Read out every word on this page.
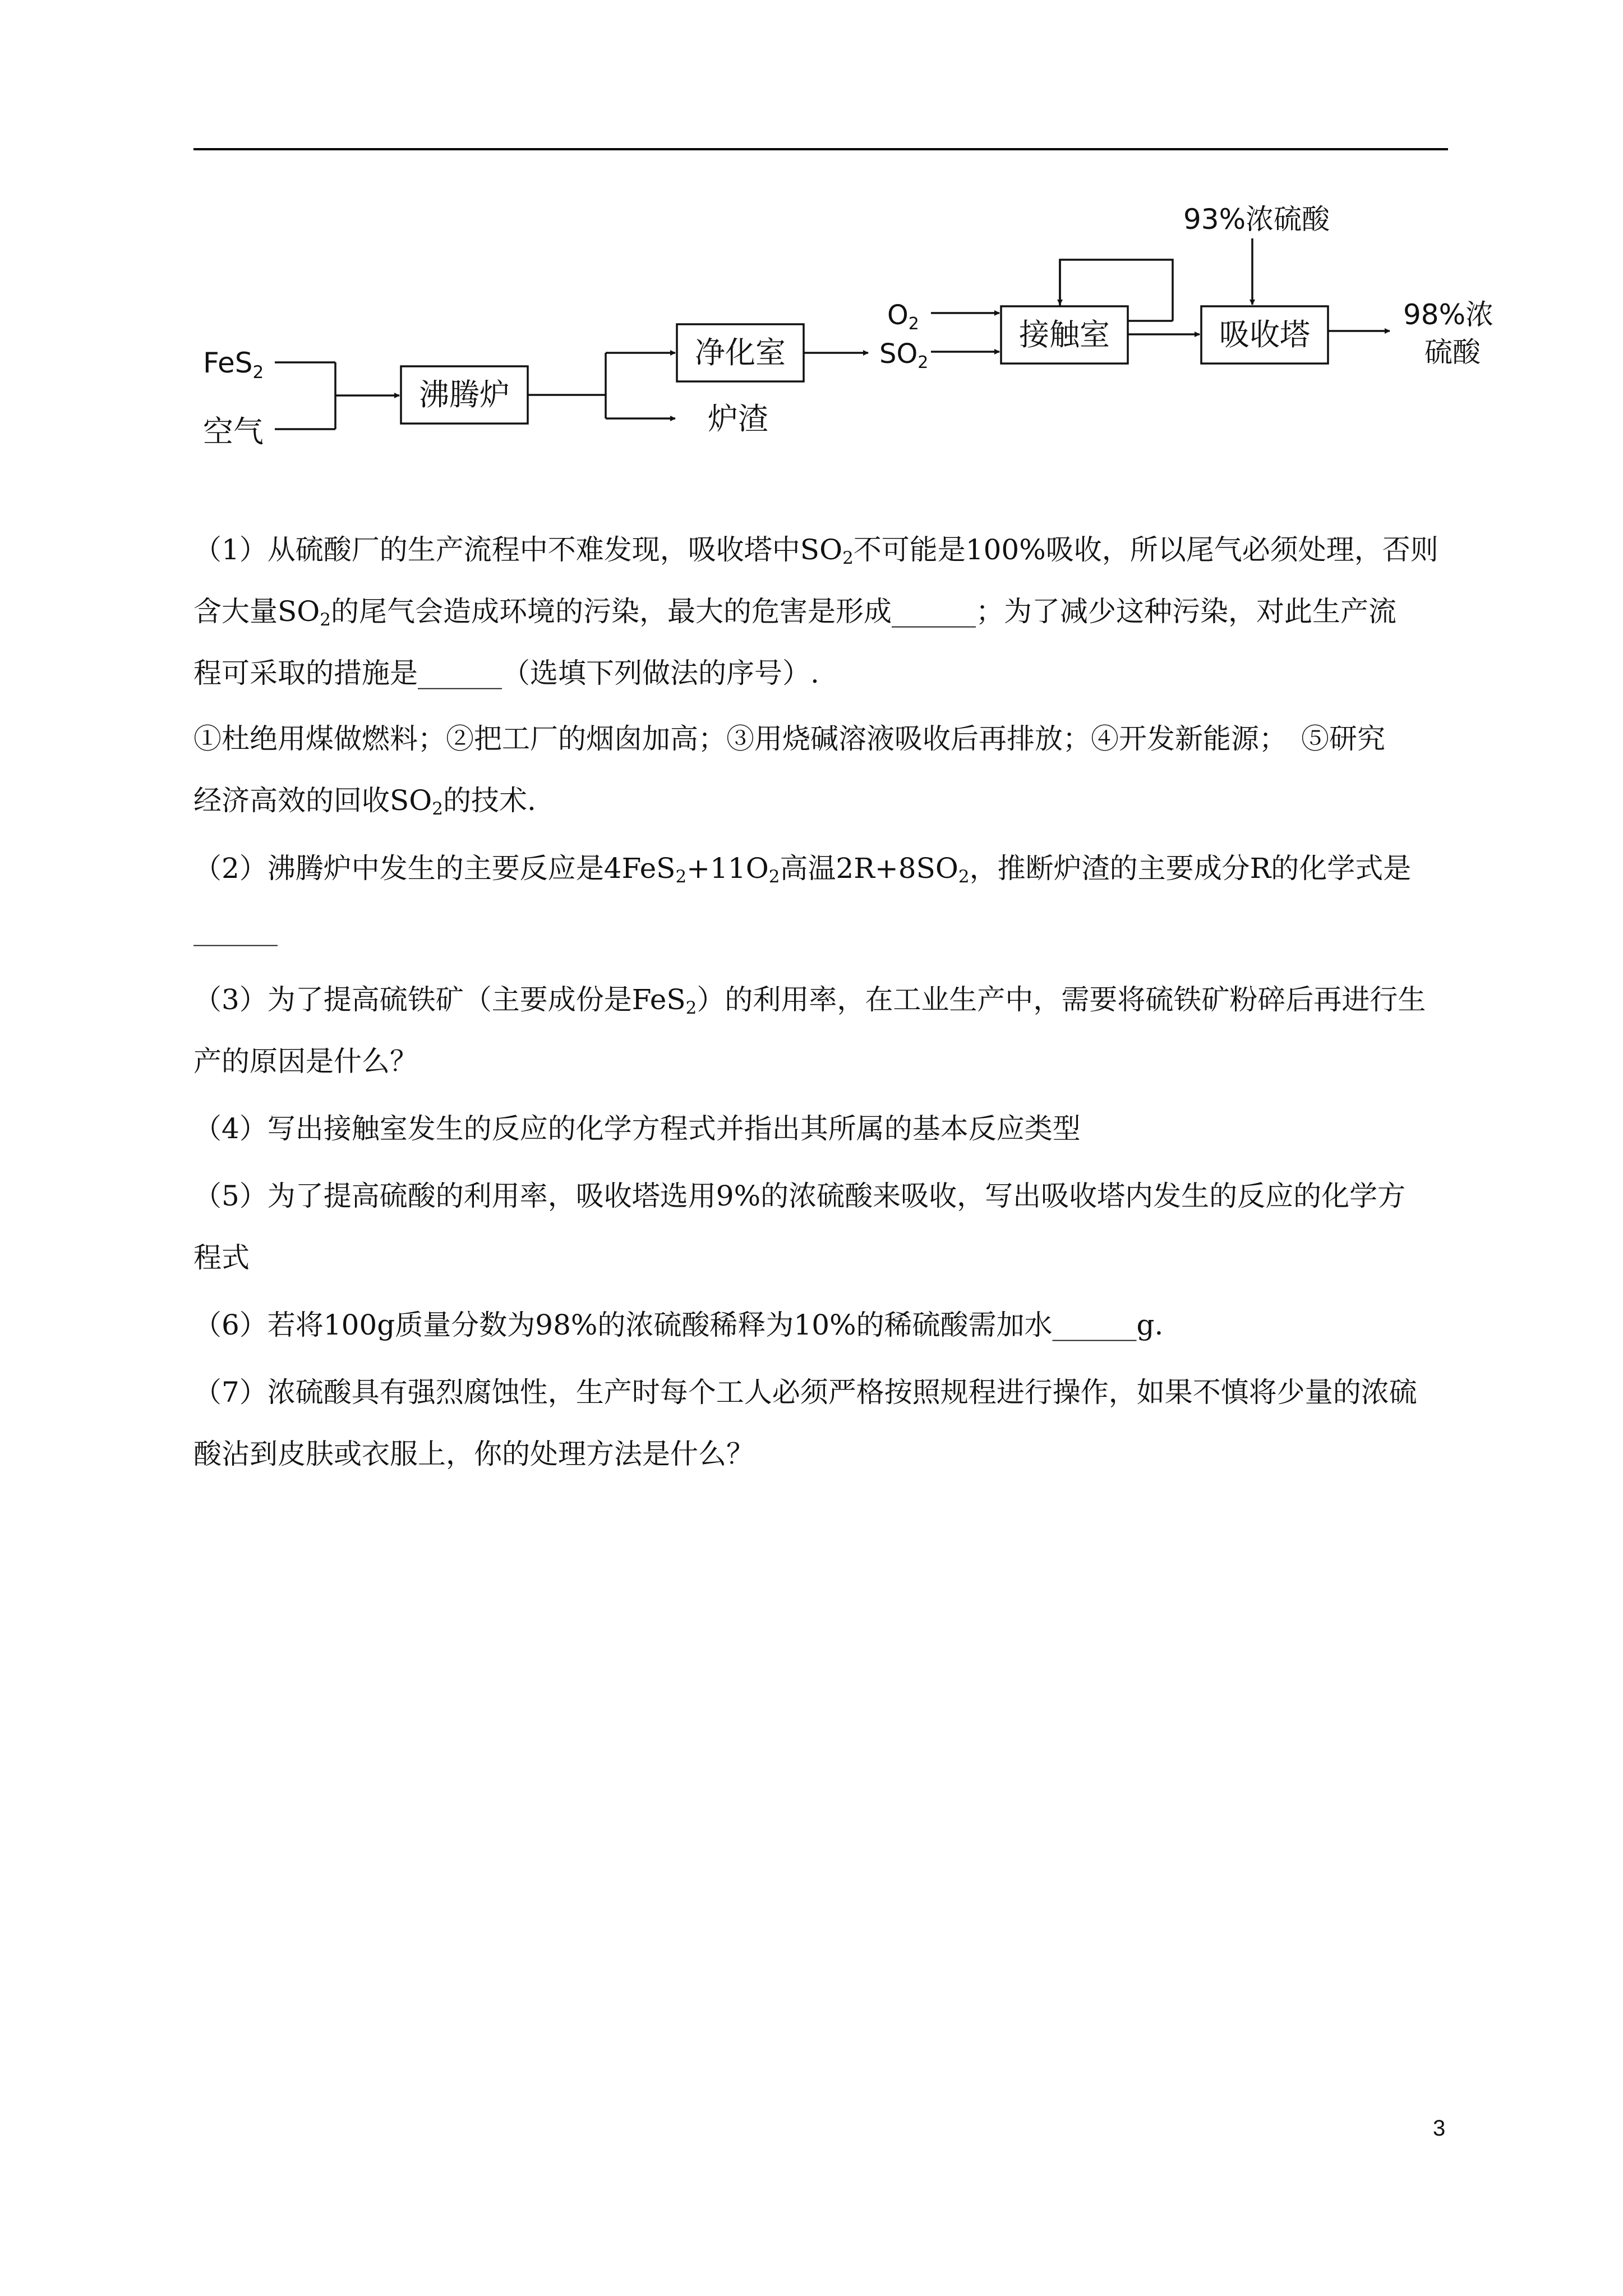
FeS$_2$
空气
沸腾炉
净化室
炉渣
O2
SO2
接触室	吸收塔
93%浓硫酸
98%浓
硫酸

（1）从硫酸厂的生产流程中不难发现，吸收塔中$SO_2$不可能是100%吸收，所以尾气必须处理，否则

含大量$SO_2$的尾气会造成环境的污染，最大的危害是形成______；为了减少这种污染，对此生产流

程可采取的措施是______（选填下列做法的序号）.

①杜绝用煤做燃料；②把工厂的烟囱加高；③用烧碱溶液吸收后再排放；④开发新能源；　⑤研究

经济高效的回收$SO_2$的技术.

（2）沸腾炉中发生的主要反应是$4FeS_2+11O_2$高温$2R+8SO_2$，推断炉渣的主要成分R的化学式是

______

（3）为了提高硫铁矿（主要成份是FeS$_2$）的利用率，在工业生产中，需要将硫铁矿粉碎后再进行生

产的原因是什么？

（4）写出接触室发生的反应的化学方程式并指出其所属的基本反应类型

（5）为了提高硫酸的利用率，吸收塔选用9%的浓硫酸来吸收，写出吸收塔内发生的反应的化学方

程式

（6）若将100g质量分数为98%的浓硫酸稀释为10%的稀硫酸需加水______g.

（7）浓硫酸具有强烈腐蚀性，生产时每个工人必须严格按照规程进行操作，如果不慎将少量的浓硫

酸沾到皮肤或衣服上，你的处理方法是什么？

3
